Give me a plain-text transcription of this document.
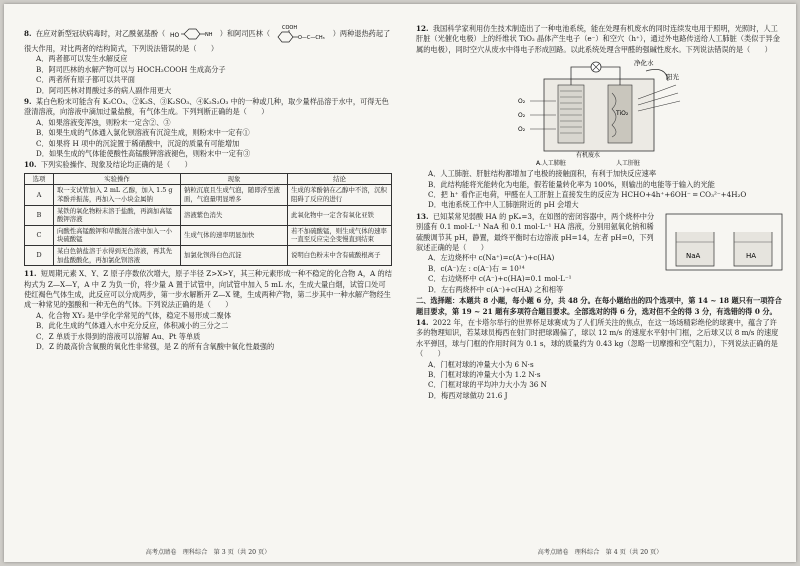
8. 在应对新型冠状病毒时，对乙酰氨基酚（ HO	NH ）和阿司匹林（
COOH
O—C—CH₃ ）两种退热药起了很大作用，对比两者的结构简式，下列说法错误的是（　　）
A．两者都可以发生水解反应
B．阿司匹林的水解产物可以与 HOCH₂COOH 生成高分子
C．两者所有原子都可以共平面
D．阿司匹林对胃酸过多的病人副作用更大
9. 某白色粉末可能含有 K₂CO₃、②K₂S、③K₂SO₃、④K₂S₂O₃ 中的一种或几种，取少量样品溶于水中，可得无色澄清溶液，向溶液中滴加过量盐酸，有气体生成。下列判断正确的是（　　）
A．如果溶液变浑浊，则粉末一定含②、③
B．如果生成的气体通入氯化钡溶液有沉淀生成，则粉末中一定有①
C．如果将 H 项中的沉淀置于稀硝酸中，沉淀的质量有可能增加
D．如果生成的气体能使酸性高锰酸钾溶液褪色，则粉末中一定有③
10. 下列实验操作、现象及结论均正确的是（　　）
选项	实验操作	现象	结论
A	取一支试管加入 2 mL 乙醇，加入 1.5 g 苯酚并振荡，再加入一小块金属钠	钠粒沉底且生成气泡，随即浮至液面，气泡量明显增多	生成的苯酚钠在乙醇中不溶，沉积阻碍了反应的进行
B	某铁的氧化物粉末溶于盐酸，再滴加高锰酸钾溶液	溶液紫色消失	此氧化物中一定含有氧化亚铁
C	向酸性高锰酸钾和草酸混合液中加入一小块硫酸锰	生成气体的速率明显加快	若不加硫酸锰，则生成气体的速率一直至反应完全变慢直到结束
D	某白色钠盐溶于水得到无色溶液，再其先加盐酸酸化，再加氯化钡溶液	加氯化钡得白色沉淀	说明白色粉末中含有硫酸根离子
11. 短周期元素 X、Y、Z 原子序数依次增大，原子半径 Z>X>Y，其三种元素形成一种不稳定的化合物 A，A 的结构式为 Z—X—Y，A 中 Z 为负一价，将少量 A 置于试管中，向试管中加入 5 mL 水，生成大量白烟，试管口处可使红褐色气体生成，此反应可以分成两步，第一步水解断开 Z—X 键，生成两种产物，第二步其中一种水解产物经生成一种常见的强酸和一种无色的气体。下列说法正确的是（　　）
A．化合物 XY₂ 是中学化学常见的气体，稳定不易形成二聚体
B．此化生成的气体通入水中充分反应，体积减小的三分之二
C．Z 单质于水得到的溶液可以溶解 Au、Pt 等单质
D．Z 的最高价含氧酸的氧化性非常强，是 Z 的所有含氧酸中氧化性最强的
高考点睛卷　理科综合　第 3 页（共 20 页）
12. 我国科学家利用仿生技术制造出了一种电池系统，能在处理有机废水的同时连续发电用于照明，光照时，人工肝脏（光催化电极）上的纤维状 TiO₂ 晶体产生电子（e⁻）和空穴（h⁺），通过外电路传送给人工肺脏（类似于异金属的电极），同时空穴从废水中得电子形成回路。以此系统处理含甲醛的强碱性废水。下列说法错误的是（　　）
TiO₂
O₂
O₂
O₂
阳光
净化水
有机废水
A.人工肺脏	人工肝脏
A．人工肺脏、肝脏结构都增加了电极的接触面积，有利于加快反应速率
B．此结构能将光能转化为电能，假若能量转化率为 100%，则输出的电能等于输入的光能
C．把 h⁺ 看作正电荷，甲醛在人工肝脏上直接发生的反应为 HCHO+4h⁺+6OH⁻ ═ CO₃²⁻+4H₂O
D．电池系统工作中人工肺脏附近的 pH 会增大
NaA	HA
13. 已知某常见弱酸 HA 的 pKₐ=3，在如图的密闭容器中，两个烧杯中分别盛有 0.1 mol·L⁻¹ NaA 和 0.1 mol·L⁻¹ HA 溶液，分别用氨氧化钠和稀硫酸调节其 pH，静置，最终平衡时右边溶液 pH=14，左者 pH=0，下列叙述正确的是（　　）
A．左边烧杯中 c(Na⁺)=c(A⁻)+c(HA)
B．c(A⁻)左 : c(A⁻)右 = 10¹⁴
C．右边烧杯中 c(A⁻)+c(HA)=0.1 mol·L⁻¹
D．左右两烧杯中 c(A⁻)+c(HA) 之和相等
二、选择题：本题共 8 小题，每小题 6 分，共 48 分。在每小题给出的四个选项中，第 14 ~ 18 题只有一项符合题目要求，第 19 ~ 21 题有多项符合题目要求。全部选对的得 6 分，选对但不全的得 3 分，有选错的得 0 分。
14. 2022 年，在卡塔尔举行的世界杯足球赛成为了人们所关注的焦点，在这一场场精彩绝伦的球赛中，蕴含了许多的物理知识，若某球员梅西在射门时把球踢偏了，球以 12 m/s 的速度水平射中门框，之后球又以 8 m/s 的速度水平弹回，球与门框的作用时间为 0.1 s，球的质量约为 0.43 kg（忽略一切摩擦和空气阻力），下列说法正确的是（　　）
A．门框对球的冲量大小为 6 N·s
B．门框对球的冲量大小为 1.2 N·s
C．门框对球的平均冲力大小为 36 N
D．梅西对球做功 21.6 J
高考点睛卷　理科综合　第 4 页（共 20 页）
